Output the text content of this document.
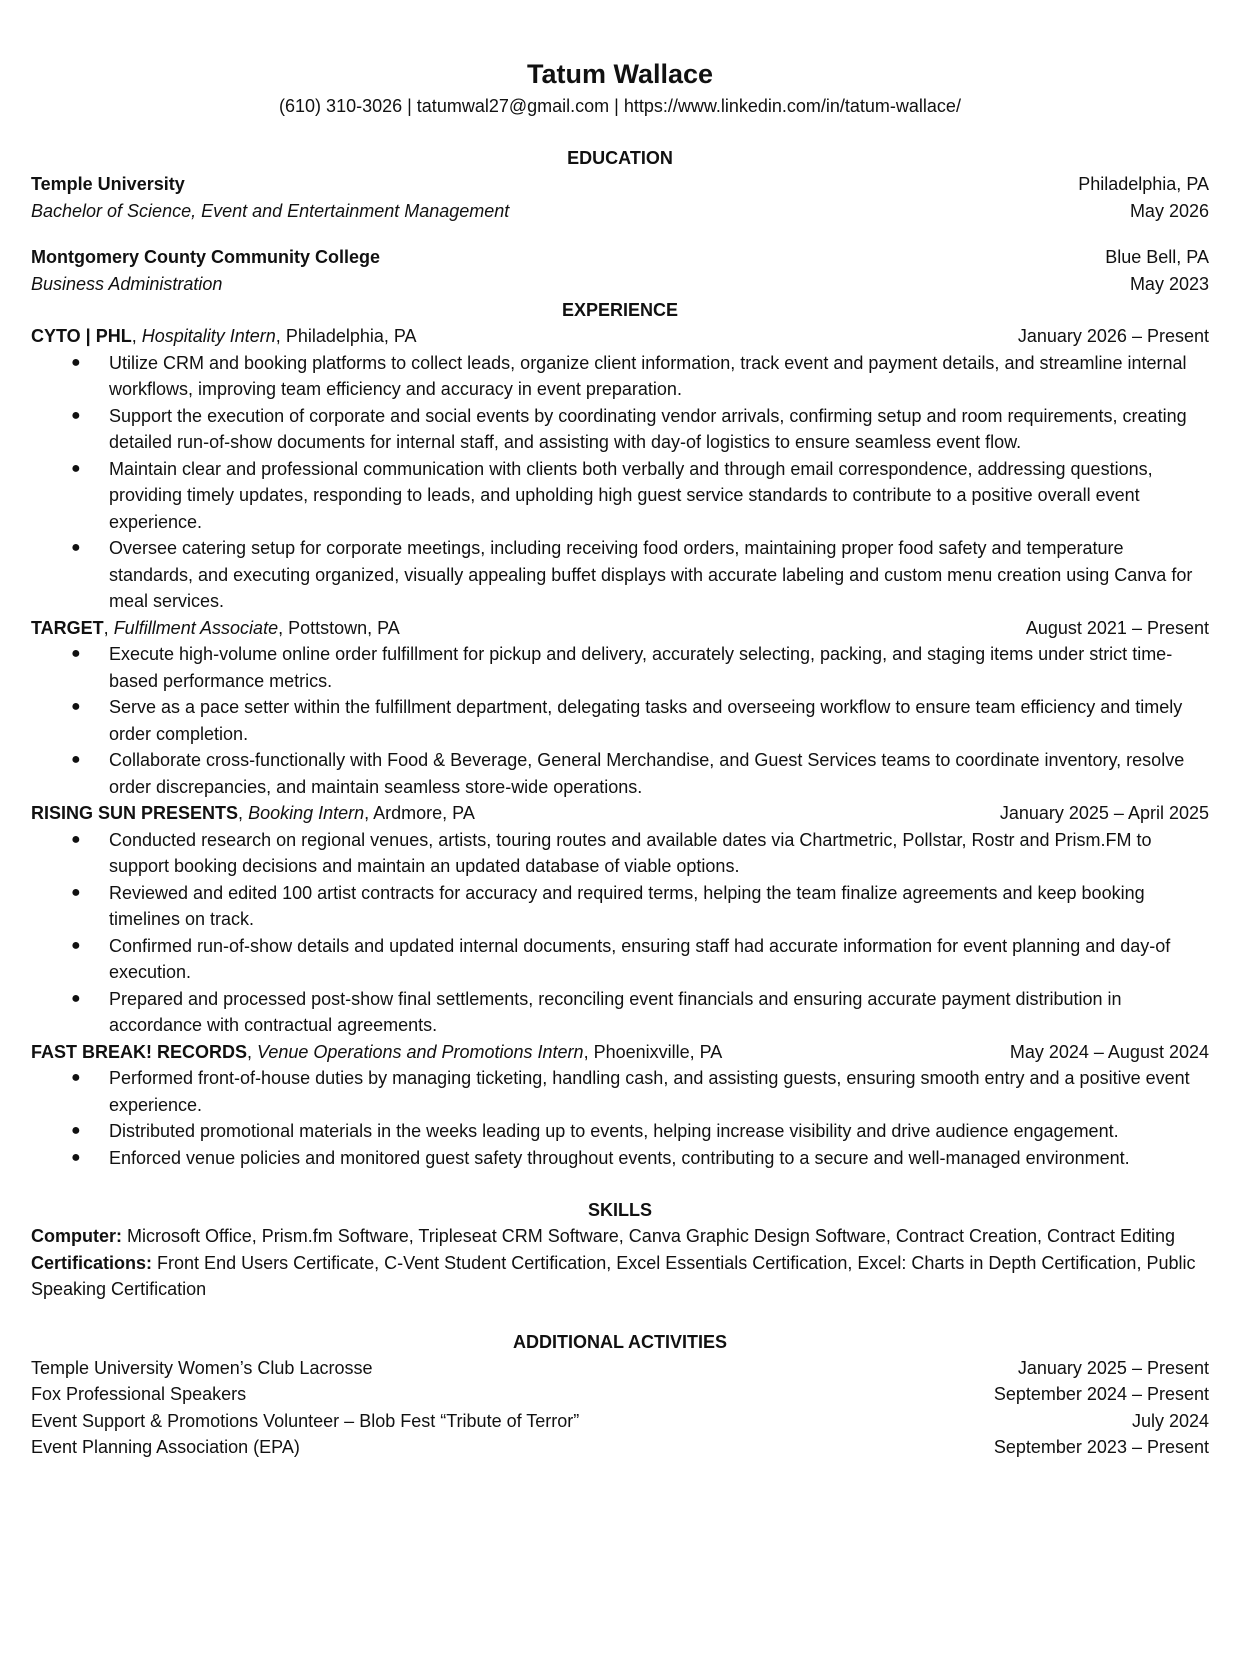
Tatum Wallace
(610) 310-3026 | tatumwal27@gmail.com | https://www.linkedin.com/in/tatum-wallace/
EDUCATION
Temple University	Philadelphia, PA
Bachelor of Science, Event and Entertainment Management	May 2026
Montgomery County Community College	Blue Bell, PA
Business Administration	May 2023
EXPERIENCE
CYTO | PHL, Hospitality Intern, Philadelphia, PA	January 2026 – Present
● Utilize CRM and booking platforms to collect leads, organize client information, track event and payment details, and streamline internal workflows, improving team efficiency and accuracy in event preparation.
● Support the execution of corporate and social events by coordinating vendor arrivals, confirming setup and room requirements, creating detailed run-of-show documents for internal staff, and assisting with day-of logistics to ensure seamless event flow.
● Maintain clear and professional communication with clients both verbally and through email correspondence, addressing questions, providing timely updates, responding to leads, and upholding high guest service standards to contribute to a positive overall event experience.
● Oversee catering setup for corporate meetings, including receiving food orders, maintaining proper food safety and temperature standards, and executing organized, visually appealing buffet displays with accurate labeling and custom menu creation using Canva for meal services.
TARGET, Fulfillment Associate, Pottstown, PA	August 2021 – Present
● Execute high-volume online order fulfillment for pickup and delivery, accurately selecting, packing, and staging items under strict time-based performance metrics.
● Serve as a pace setter within the fulfillment department, delegating tasks and overseeing workflow to ensure team efficiency and timely order completion.
● Collaborate cross-functionally with Food & Beverage, General Merchandise, and Guest Services teams to coordinate inventory, resolve order discrepancies, and maintain seamless store-wide operations.
RISING SUN PRESENTS, Booking Intern, Ardmore, PA	January 2025 – April 2025
● Conducted research on regional venues, artists, touring routes and available dates via Chartmetric, Pollstar, Rostr and Prism.FM to support booking decisions and maintain an updated database of viable options.
● Reviewed and edited 100 artist contracts for accuracy and required terms, helping the team finalize agreements and keep booking timelines on track.
● Confirmed run-of-show details and updated internal documents, ensuring staff had accurate information for event planning and day-of execution.
● Prepared and processed post-show final settlements, reconciling event financials and ensuring accurate payment distribution in accordance with contractual agreements.
FAST BREAK! RECORDS, Venue Operations and Promotions Intern, Phoenixville, PA	May 2024 – August 2024
● Performed front-of-house duties by managing ticketing, handling cash, and assisting guests, ensuring smooth entry and a positive event experience.
● Distributed promotional materials in the weeks leading up to events, helping increase visibility and drive audience engagement.
● Enforced venue policies and monitored guest safety throughout events, contributing to a secure and well-managed environment.
SKILLS
Computer: Microsoft Office, Prism.fm Software, Tripleseat CRM Software, Canva Graphic Design Software, Contract Creation, Contract Editing
Certifications: Front End Users Certificate, C-Vent Student Certification, Excel Essentials Certification, Excel: Charts in Depth Certification, Public Speaking Certification
ADDITIONAL ACTIVITIES
Temple University Women’s Club Lacrosse	January 2025 – Present
Fox Professional Speakers	September 2024 – Present
Event Support & Promotions Volunteer – Blob Fest “Tribute of Terror”	July 2024
Event Planning Association (EPA)	September 2023 – Present
